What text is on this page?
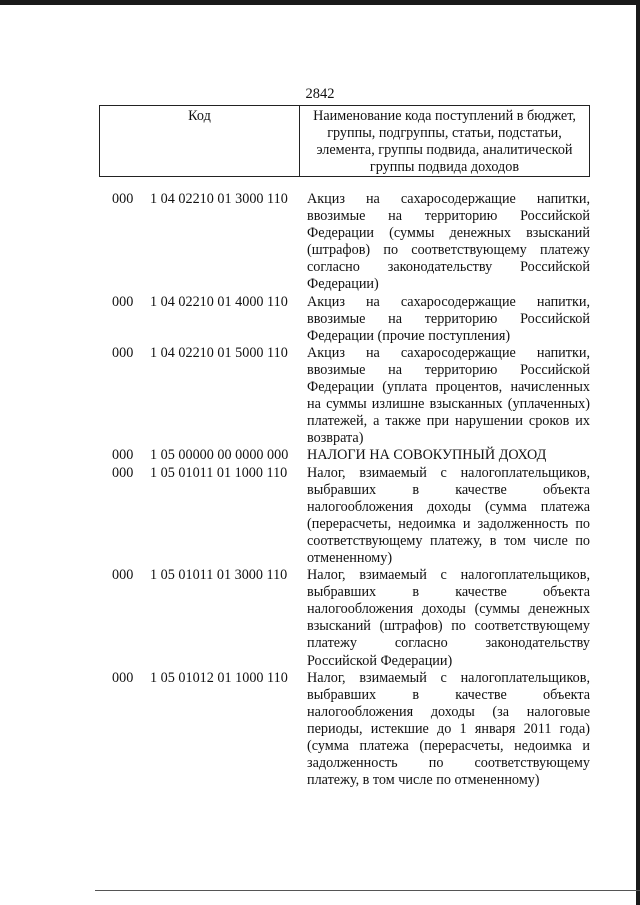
2842
Код	Наименование кода поступлений в бюджет, группы, подгруппы, статьи, подстатьи, элемента, группы подвида, аналитической группы подвида доходов
000	1 04 02210 01 3000 110	Акциз на сахаросодержащие напитки, ввозимые на территорию Российской Федерации (суммы денежных взысканий (штрафов) по соответствующему платежу согласно законодательству Российской Федерации)
000	1 04 02210 01 4000 110	Акциз на сахаросодержащие напитки, ввозимые на территорию Российской Федерации (прочие поступления)
000	1 04 02210 01 5000 110	Акциз на сахаросодержащие напитки, ввозимые на территорию Российской Федерации (уплата процентов, начисленных на суммы излишне взысканных (уплаченных) платежей, а также при нарушении сроков их возврата)
000	1 05 00000 00 0000 000	НАЛОГИ НА СОВОКУПНЫЙ ДОХОД
000	1 05 01011 01 1000 110	Налог, взимаемый с налогоплательщиков, выбравших в качестве объекта налогообложения доходы (сумма платежа (перерасчеты, недоимка и задолженность по соответствующему платежу, в том числе по отмененному)
000	1 05 01011 01 3000 110	Налог, взимаемый с налогоплательщиков, выбравших в качестве объекта налогообложения доходы (суммы денежных взысканий (штрафов) по соответствующему платежу согласно законодательству Российской Федерации)
000	1 05 01012 01 1000 110	Налог, взимаемый с налогоплательщиков, выбравших в качестве объекта налогообложения доходы (за налоговые периоды, истекшие до 1 января 2011 года) (сумма платежа (перерасчеты, недоимка и задолженность по соответствующему платежу, в том числе по отмененному)
